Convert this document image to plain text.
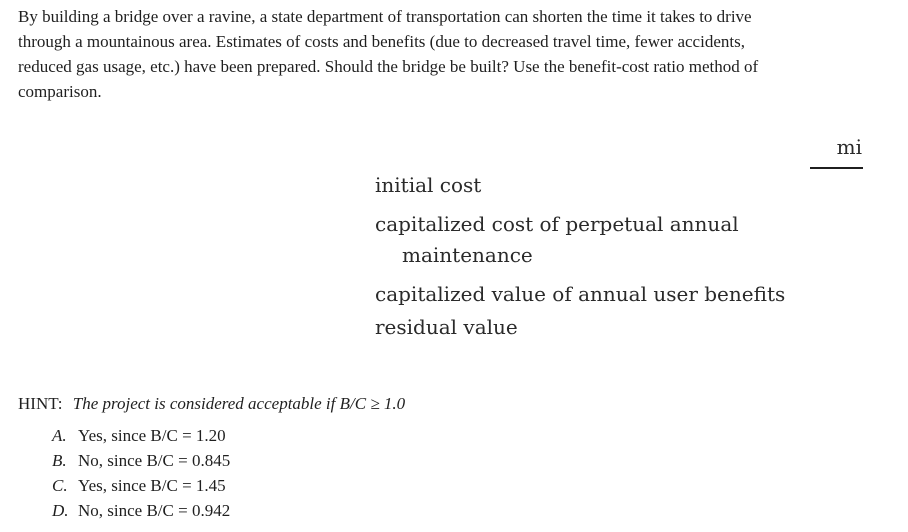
By building a bridge over a ravine, a state department of transportation can shorten the time it takes to drive
through a mountainous area. Estimates of costs and benefits (due to decreased travel time, fewer accidents,
reduced gas usage, etc.) have been prepared. Should the bridge be built? Use the benefit-cost ratio method of
comparison.
mi
initial cost
capitalized cost of perpetual annual
maintenance
capitalized value of annual user benefits
residual value
HINT: The project is considered acceptable if B/C ≥ 1.0
A. Yes, since B/C = 1.20
B. No, since B/C = 0.845
C. Yes, since B/C = 1.45
D. No, since B/C = 0.942
